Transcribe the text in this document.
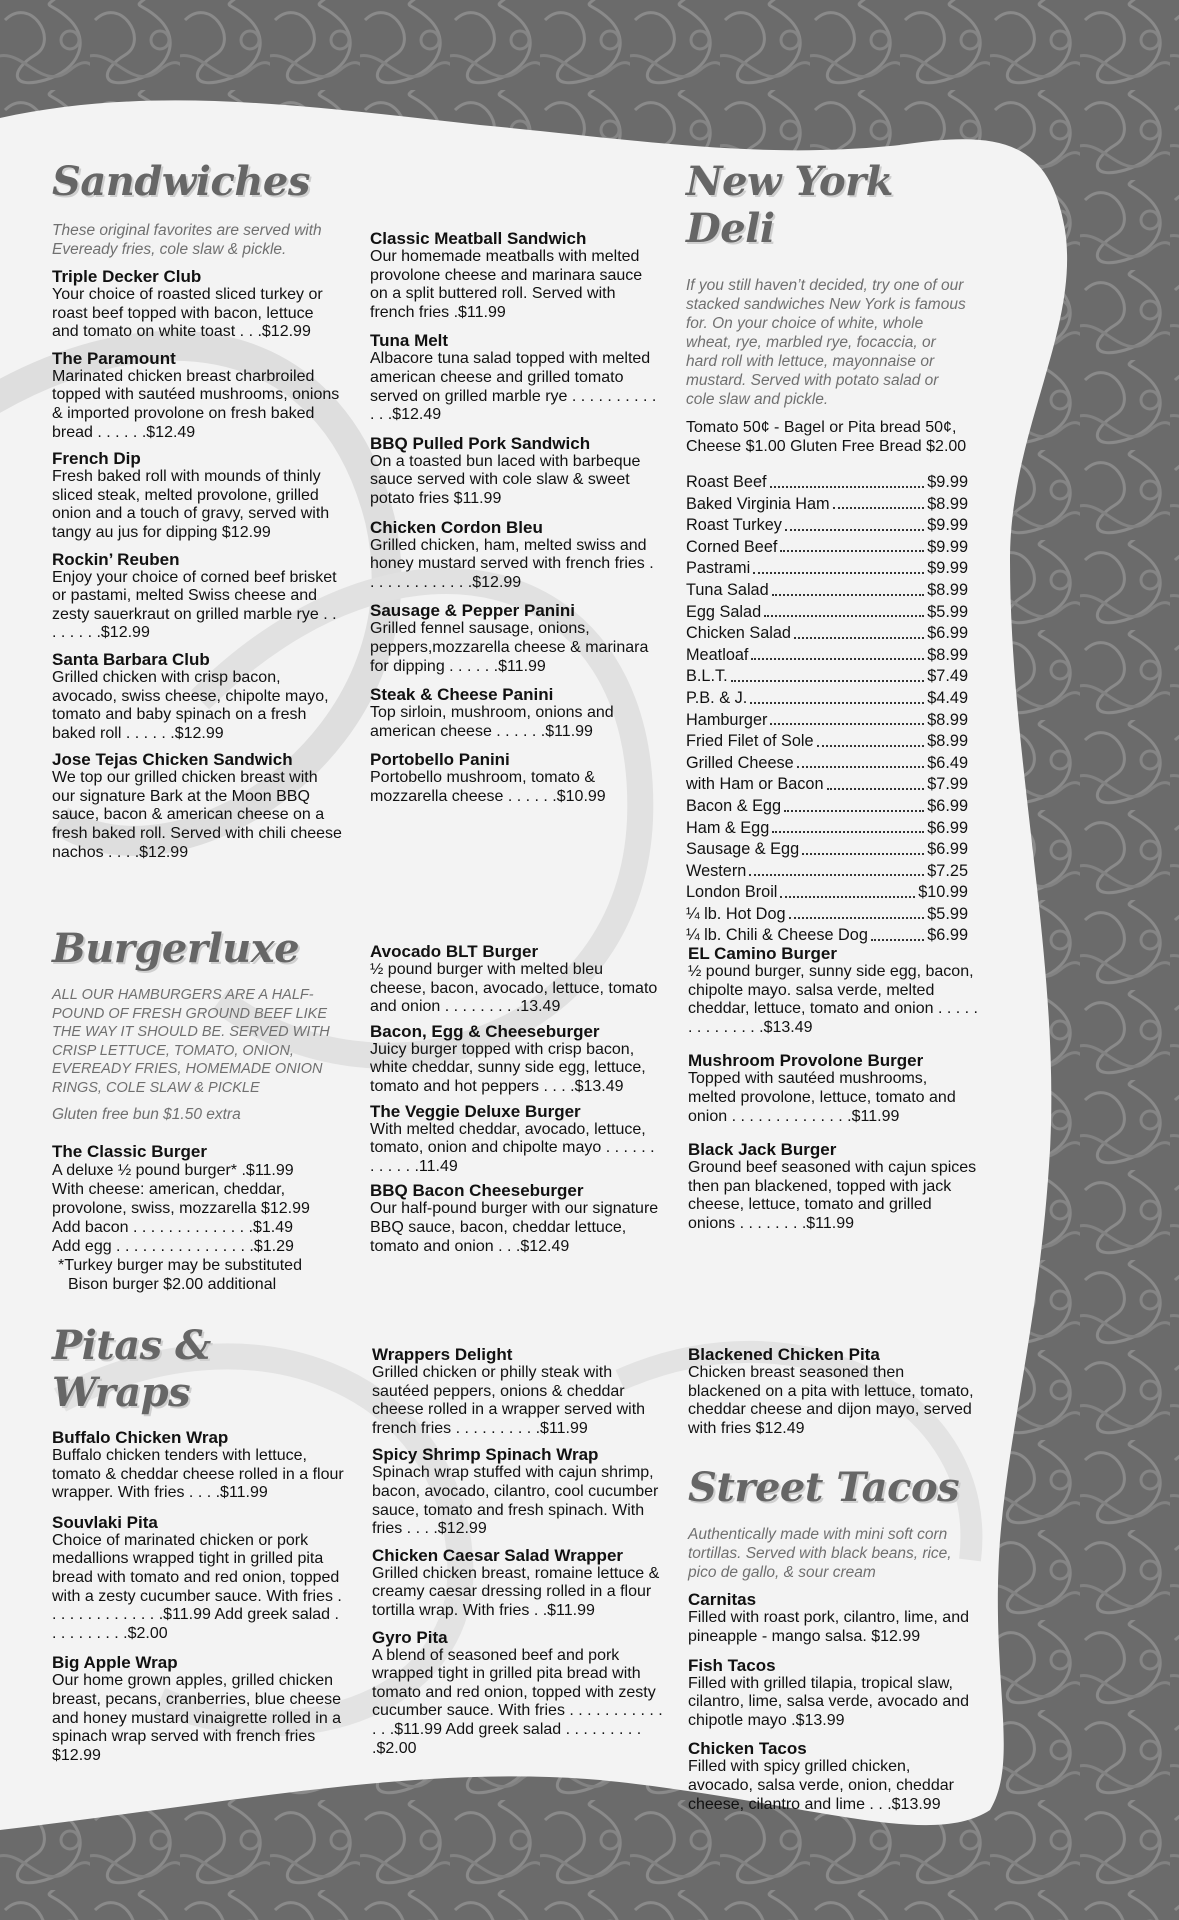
Sandwiches

These original favorites are served with Eveready fries, cole slaw & pickle.

Triple Decker Club
Your choice of roasted sliced turkey or roast beef topped with bacon, lettuce and tomato on white toast . . .$12.99
The Paramount
Marinated chicken breast charbroiled topped with sautéed mushrooms, onions & imported provolone on fresh baked bread . . . . . .$12.49
French Dip
Fresh baked roll with mounds of thinly sliced steak, melted provolone, grilled onion and a touch of gravy, served with tangy au jus for dipping $12.99
Rockin’ Reuben
Enjoy your choice of corned beef brisket or pastami, melted Swiss cheese and zesty sauerkraut on grilled marble rye . . . . . . . .$12.99
Santa Barbara Club
Grilled chicken with crisp bacon, avocado, swiss cheese, chipolte mayo, tomato and baby spinach on a fresh baked roll . . . . . .$12.99
Jose Tejas Chicken Sandwich
We top our grilled chicken breast with our signature Bark at the Moon BBQ sauce, bacon & american cheese on a fresh baked roll. Served with chili cheese nachos . . . .$12.99
Classic Meatball Sandwich
Our homemade meatballs with melted provolone cheese and marinara sauce on a split buttered roll. Served with french fries .$11.99
Tuna Melt
Albacore tuna salad topped with melted american cheese and grilled tomato served on grilled marble rye . . . . . . . . . . . . .$12.49
BBQ Pulled Pork Sandwich
On a toasted bun laced with barbeque sauce served with cole slaw & sweet potato fries $11.99
Chicken Cordon Bleu
Grilled chicken, ham, melted swiss and honey mustard served with french fries . . . . . . . . . . . . .$12.99
Sausage & Pepper Panini
Grilled fennel sausage, onions, peppers,mozzarella cheese & marinara for dipping . . . . . .$11.99
Steak & Cheese Panini
Top sirloin, mushroom, onions and american cheese . . . . . .$11.99
Portobello Panini
Portobello mushroom, tomato & mozzarella cheese . . . . . .$10.99
New York Deli

If you still haven’t decided, try one of our stacked sandwiches New York is famous for. On your choice of white, whole wheat, rye, marbled rye, focaccia, or hard roll with lettuce, mayonnaise or mustard. Served with potato salad or cole slaw and pickle.

Tomato 50¢ - Bagel or Pita bread 50¢, Cheese $1.00 Gluten Free Bread $2.00
Roast Beef	$9.99
Baked Virginia Ham	$8.99
Roast Turkey	$9.99
Corned Beef	$9.99
Pastrami	$9.99
Tuna Salad	$8.99
Egg Salad	$5.99
Chicken Salad	$6.99
Meatloaf	$8.99
B.L.T.	$7.49
P.B. & J.	$4.49
Hamburger	$8.99
Fried Filet of Sole	$8.99
Grilled Cheese	$6.49
with Ham or Bacon	$7.99
Bacon & Egg	$6.99
Ham & Egg	$6.99
Sausage & Egg	$6.99
Western	$7.25
London Broil	$10.99
¼ lb. Hot Dog	$5.99
¼ lb. Chili & Cheese Dog	$6.99
Burgerluxe

ALL OUR HAMBURGERS ARE A HALF-POUND OF FRESH GROUND BEEF LIKE THE WAY IT SHOULD BE. SERVED WITH CRISP LETTUCE, TOMATO, ONION, EVEREADY FRIES, HOMEMADE ONION RINGS, COLE SLAW & PICKLE

Gluten free bun $1.50 extra
The Classic Burger
A deluxe ½ pound burger* .$11.99
With cheese: american, cheddar,
provolone, swiss, mozzarella $12.99
Add bacon . . . . . . . . . . . . . .$1.49
Add egg . . . . . . . . . . . . . . . .$1.29
*Turkey burger may be substituted
Bison burger $2.00 additional
Avocado BLT Burger
½ pound burger with melted bleu cheese, bacon, avocado, lettuce, tomato and onion . . . . . . . . .13.49
Bacon, Egg & Cheeseburger
Juicy burger topped with crisp bacon, white cheddar, sunny side egg, lettuce, tomato and hot peppers . . . .$13.49
The Veggie Deluxe Burger
With melted cheddar, avocado, lettuce, tomato, onion and chipolte mayo . . . . . . . . . . . .11.49
BBQ Bacon Cheeseburger
Our half-pound burger with our signature BBQ sauce, bacon, cheddar lettuce, tomato and onion . . .$12.49
EL Camino Burger
½ pound burger, sunny side egg, bacon, chipolte mayo. salsa verde, melted cheddar, lettuce, tomato and onion . . . . . . . . . . . . . .$13.49
Mushroom Provolone Burger
Topped with sautéed mushrooms, melted provolone, lettuce, tomato and onion . . . . . . . . . . . . . .$11.99
Black Jack Burger
Ground beef seasoned with cajun spices then pan blackened, topped with jack cheese, lettuce, tomato and grilled onions . . . . . . . .$11.99
Pitas & Wraps
Buffalo Chicken Wrap
Buffalo chicken tenders with lettuce, tomato & cheddar cheese rolled in a flour wrapper. With fries . . . .$11.99
Souvlaki Pita
Choice of marinated chicken or pork medallions wrapped tight in grilled pita bread with tomato and red onion, topped with a zesty cucumber sauce. With fries . . . . . . . . . . . . . .$11.99 Add greek salad . . . . . . . . . .$2.00
Big Apple Wrap
Our home grown apples, grilled chicken breast, pecans, cranberries, blue cheese and honey mustard vinaigrette rolled in a spinach wrap served with french fries $12.99
Wrappers Delight
Grilled chicken or philly steak with sautéed peppers, onions & cheddar cheese rolled in a wrapper served with french fries . . . . . . . . . .$11.99
Spicy Shrimp Spinach Wrap
Spinach wrap stuffed with cajun shrimp, bacon, avocado, cilantro, cool cucumber sauce, tomato and fresh spinach. With fries . . . .$12.99
Chicken Caesar Salad Wrapper
Grilled chicken breast, romaine lettuce & creamy caesar dressing rolled in a flour tortilla wrap. With fries . .$11.99
Gyro Pita
A blend of seasoned beef and pork wrapped tight in grilled pita bread with tomato and red onion, topped with zesty cucumber sauce. With fries . . . . . . . . . . . . . .$11.99 Add greek salad . . . . . . . . . .$2.00
Blackened Chicken Pita
Chicken breast seasoned then blackened on a pita with lettuce, tomato, cheddar cheese and dijon mayo, served with fries $12.49
Street Tacos

Authentically made with mini soft corn tortillas. Served with black beans, rice, pico de gallo, & sour cream

Carnitas
Filled with roast pork, cilantro, lime, and pineapple - mango salsa. $12.99
Fish Tacos
Filled with grilled tilapia, tropical slaw, cilantro, lime, salsa verde, avocado and chipotle mayo .$13.99
Chicken Tacos
Filled with spicy grilled chicken, avocado, salsa verde, onion, cheddar cheese, cilantro and lime . . .$13.99
